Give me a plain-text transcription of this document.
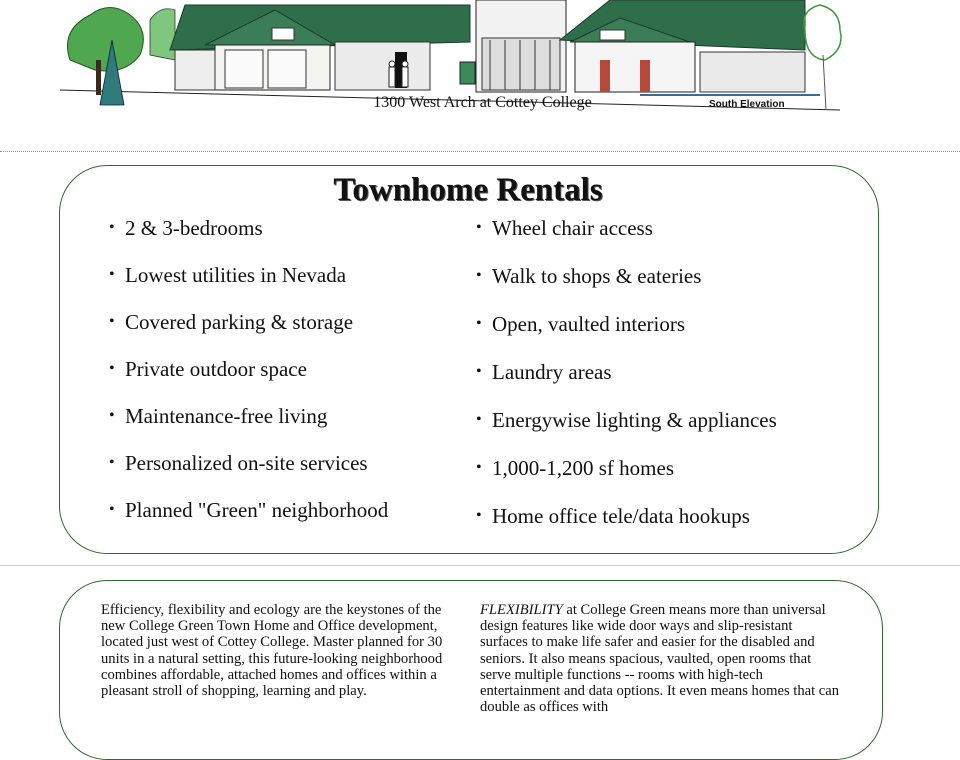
1300 West Arch at Cottey College	South Elevation
Townhome Rentals
• 2 & 3-bedrooms
• Lowest utilities in Nevada
• Covered parking & storage
• Private outdoor space
• Maintenance-free living
• Personalized on-site services
• Planned "Green" neighborhood
• Wheel chair access
• Walk to shops & eateries
• Open, vaulted interiors
• Laundry areas
• Energywise lighting & appliances
• 1,000-1,200 sf homes
• Home office tele/data hookups
Efficiency, flexibility and ecology are the keystones of the new College Green Town Home and Office development, located just west of Cottey College. Master planned for 30 units in a natural setting, this future-looking neighborhood combines affordable, attached homes and offices within a pleasant stroll of shopping, learning and play.
FLEXIBILITY at College Green means more than universal design features like wide door ways and slip-resistant surfaces to make life safer and easier for the disabled and seniors. It also means spacious, vaulted, open rooms that serve multiple functions -- rooms with high-tech entertainment and data options. It even means homes that can double as offices with
